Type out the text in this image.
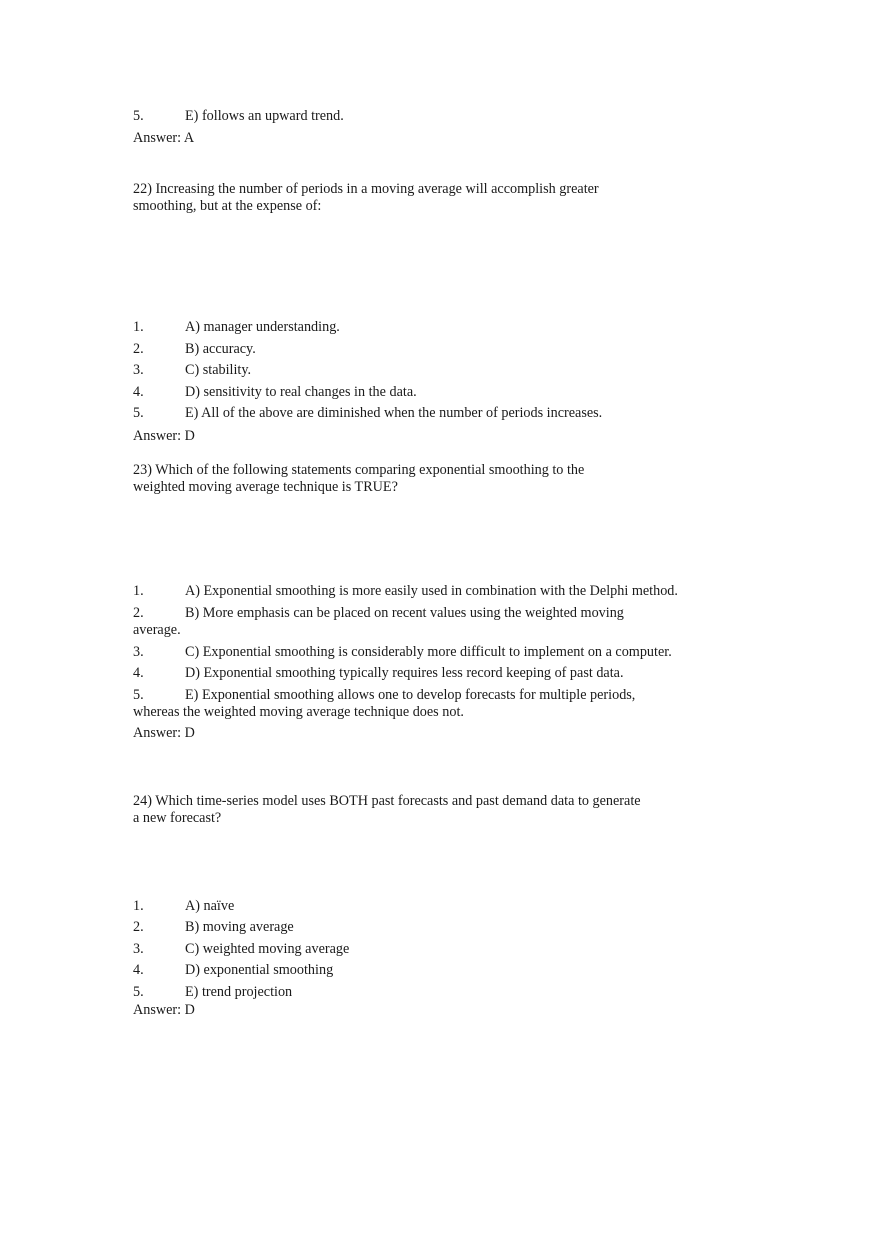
5.	E) follows an upward trend.
Answer: A
22) Increasing the number of periods in a moving average will accomplish greater
smoothing, but at the expense of:
1.	A) manager understanding.
2.	B) accuracy.
3.	C) stability.
4.	D) sensitivity to real changes in the data.
5.	E) All of the above are diminished when the number of periods increases.
Answer: D
23) Which of the following statements comparing exponential smoothing to the
weighted moving average technique is TRUE?
1.	A) Exponential smoothing is more easily used in combination with the Delphi method.
2.	B) More emphasis can be placed on recent values using the weighted moving
average.
3.	C) Exponential smoothing is considerably more difficult to implement on a computer.
4.	D) Exponential smoothing typically requires less record keeping of past data.
5.	E) Exponential smoothing allows one to develop forecasts for multiple periods,
whereas the weighted moving average technique does not.
Answer: D
24) Which time-series model uses BOTH past forecasts and past demand data to generate
a new forecast?
1.	A) naïve
2.	B) moving average
3.	C) weighted moving average
4.	D) exponential smoothing
5.	E) trend projection
Answer: D
